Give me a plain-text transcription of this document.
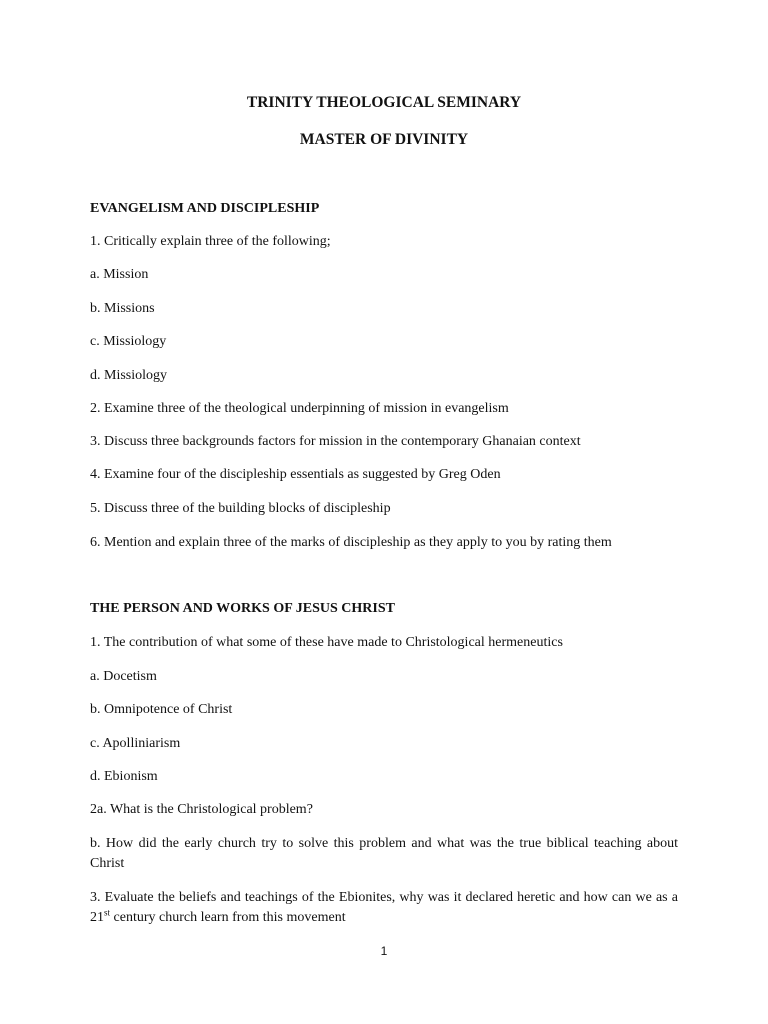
TRINITY THEOLOGICAL SEMINARY

MASTER OF DIVINITY

EVANGELISM AND DISCIPLESHIP

1. Critically explain three of the following;

a. Mission

b. Missions

c. Missiology

d. Missiology

2. Examine three of the theological underpinning of mission in evangelism

3. Discuss three backgrounds factors for mission in the contemporary Ghanaian context

4. Examine four of the discipleship essentials as suggested by Greg Oden

5. Discuss three of the building blocks of discipleship

6. Mention and explain three of the marks of discipleship as they apply to you by rating them

THE PERSON AND WORKS OF JESUS CHRIST

1. The contribution of what some of these have made to Christological hermeneutics

a. Docetism

b. Omnipotence of Christ

c. Apolliniarism

d. Ebionism

2a. What is the Christological problem?

b. How did the early church try to solve this problem and what was the true biblical teaching about Christ

3. Evaluate the beliefs and teachings of the Ebionites, why was it declared heretic and how can we as a 21st century church learn from this movement

1
